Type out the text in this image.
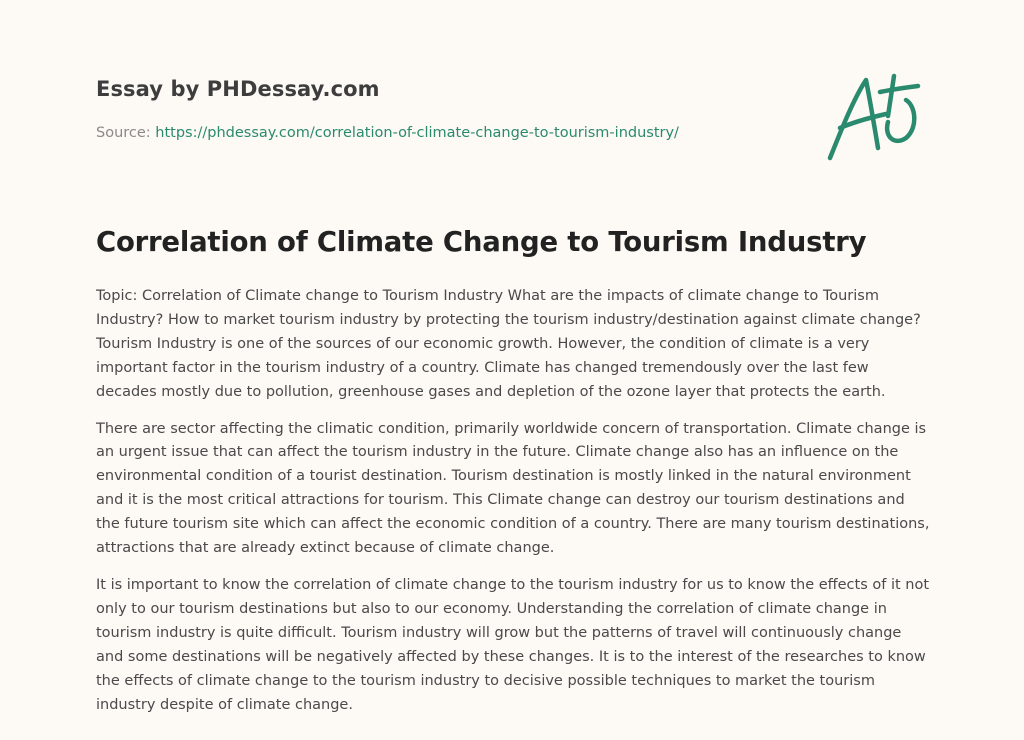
Essay by PHDessay.com

Source: https://phdessay.com/correlation-of-climate-change-to-tourism-industry/

Correlation of Climate Change to Tourism Industry

Topic: Correlation of Climate change to Tourism Industry What are the impacts of climate change to Tourism Industry? How to market tourism industry by protecting the tourism industry/destination against climate change? Tourism Industry is one of the sources of our economic growth. However, the condition of climate is a very important factor in the tourism industry of a country. Climate has changed tremendously over the last few decades mostly due to pollution, greenhouse gases and depletion of the ozone layer that protects the earth.

There are sector affecting the climatic condition, primarily worldwide concern of transportation. Climate change is an urgent issue that can affect the tourism industry in the future. Climate change also has an influence on the environmental condition of a tourist destination. Tourism destination is mostly linked in the natural environment and it is the most critical attractions for tourism. This Climate change can destroy our tourism destinations and the future tourism site which can affect the economic condition of a country. There are many tourism destinations, attractions that are already extinct because of climate change.

It is important to know the correlation of climate change to the tourism industry for us to know the effects of it not only to our tourism destinations but also to our economy. Understanding the correlation of climate change in tourism industry is quite difficult. Tourism industry will grow but the patterns of travel will continuously change and some destinations will be negatively affected by these changes. It is to the interest of the researches to know the effects of climate change to the tourism industry to decisive possible techniques to market the tourism industry despite of climate change.
